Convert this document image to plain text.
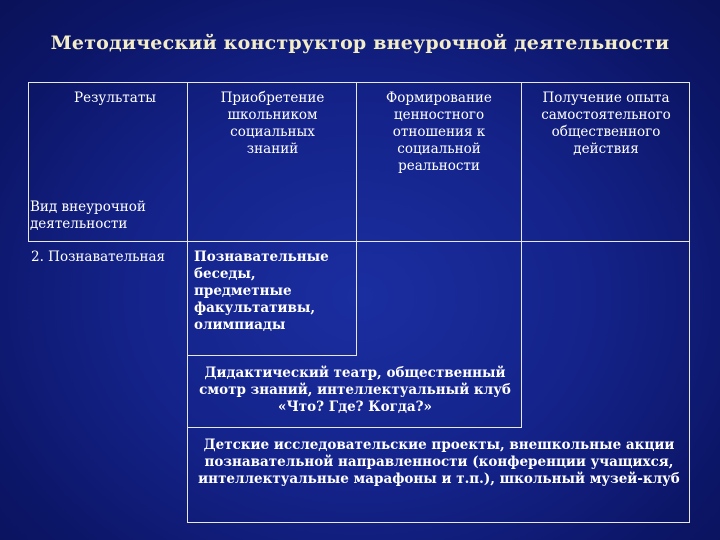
Методический конструктор внеурочной деятельности
Результаты	Приобретение школьником социальных знаний
Формирование ценностного отношения к социальной реальности
Получение опыта самостоятельного общественного действия
Вид внеурочной деятельности
2. Познавательная	Познавательные беседы, предметные факультативы, олимпиады
Дидактический театр, общественный смотр знаний, интеллектуальный клуб «Что? Где? Когда?»
Детские исследовательские проекты, внешкольные акции познавательной направленности (конференции учащихся, интеллектуальные марафоны и т.п.), школьный музей-клуб
